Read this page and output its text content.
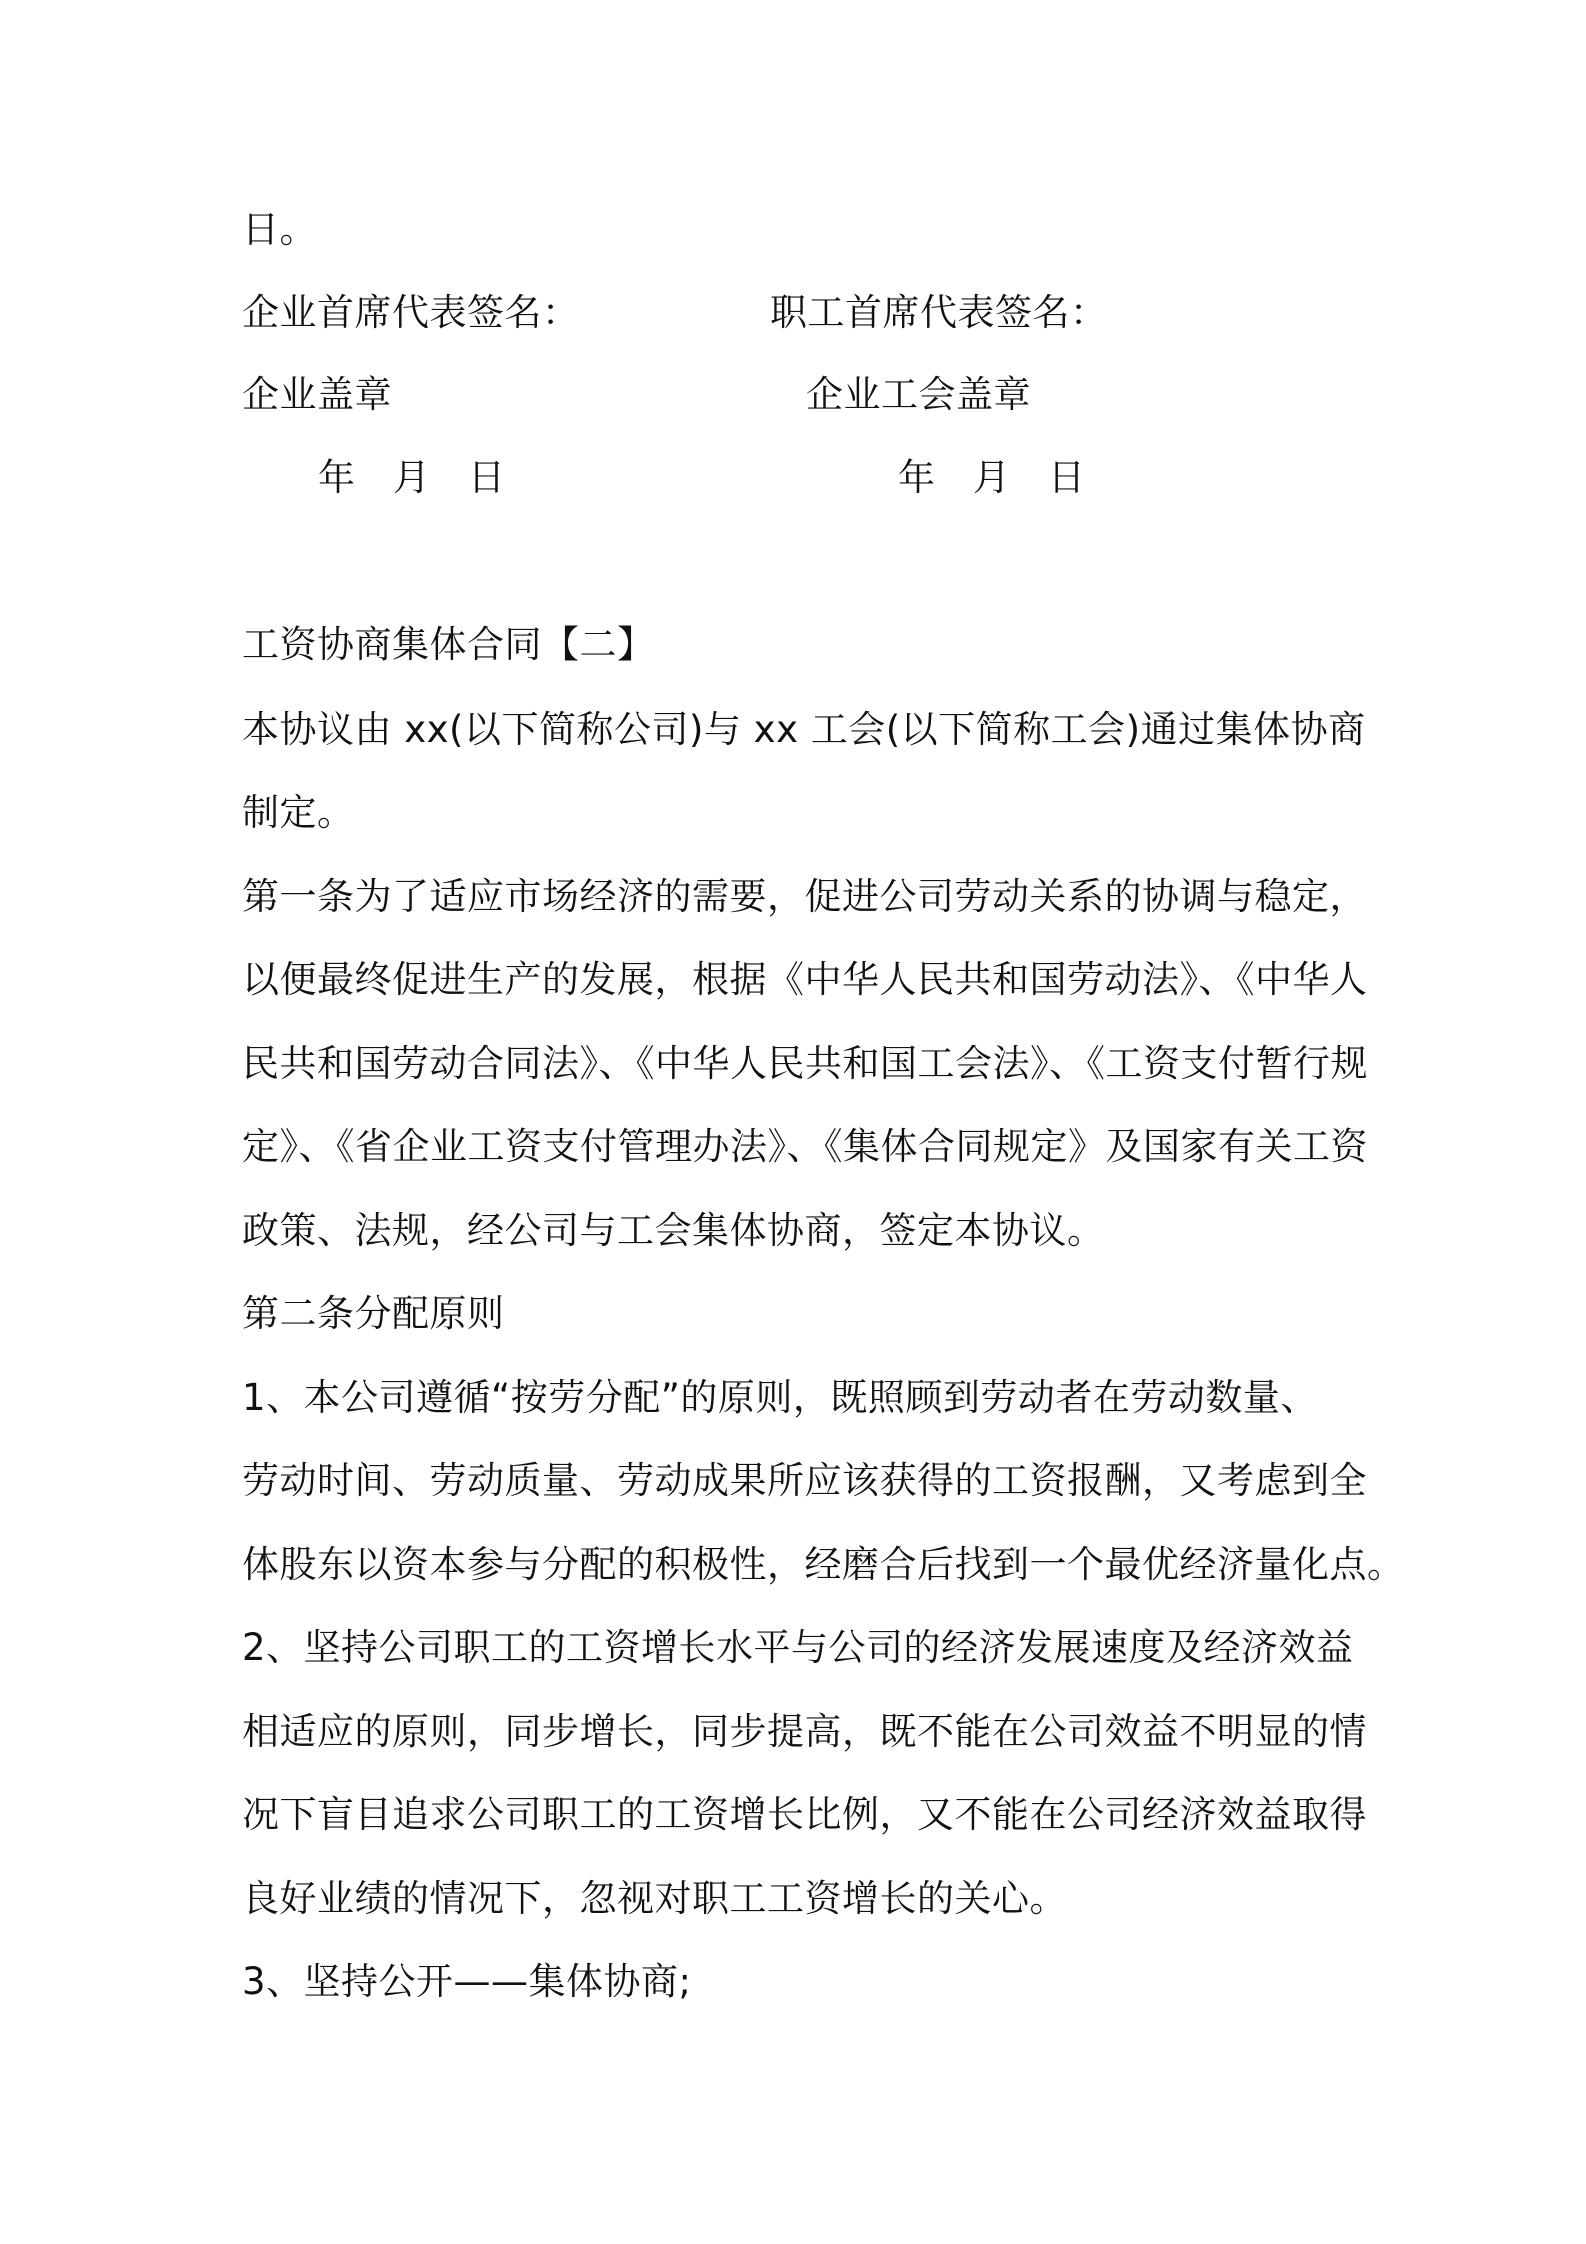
日。
企业首席代表签名：	职工首席代表签名：
企业盖章	企业工会盖章
年　月　日	年　月　日
工资协商集体合同【二】
本协议由 xx(以下简称公司)与 xx 工会(以下简称工会)通过集体协商
制定。
第一条为了适应市场经济的需要，促进公司劳动关系的协调与稳定，
以便最终促进生产的发展，根据《中华人民共和国劳动法》、《中华人
民共和国劳动合同法》、《中华人民共和国工会法》、《工资支付暂行规
定》、《省企业工资支付管理办法》、《集体合同规定》及国家有关工资
政策、法规，经公司与工会集体协商，签定本协议。
第二条分配原则
1、本公司遵循“按劳分配”的原则，既照顾到劳动者在劳动数量、
劳动时间、劳动质量、劳动成果所应该获得的工资报酬，又考虑到全
体股东以资本参与分配的积极性，经磨合后找到一个最优经济量化点。
2、坚持公司职工的工资增长水平与公司的经济发展速度及经济效益
相适应的原则，同步增长，同步提高，既不能在公司效益不明显的情
况下盲目追求公司职工的工资增长比例，又不能在公司经济效益取得
良好业绩的情况下，忽视对职工工资增长的关心。
3、坚持公开——集体协商;
